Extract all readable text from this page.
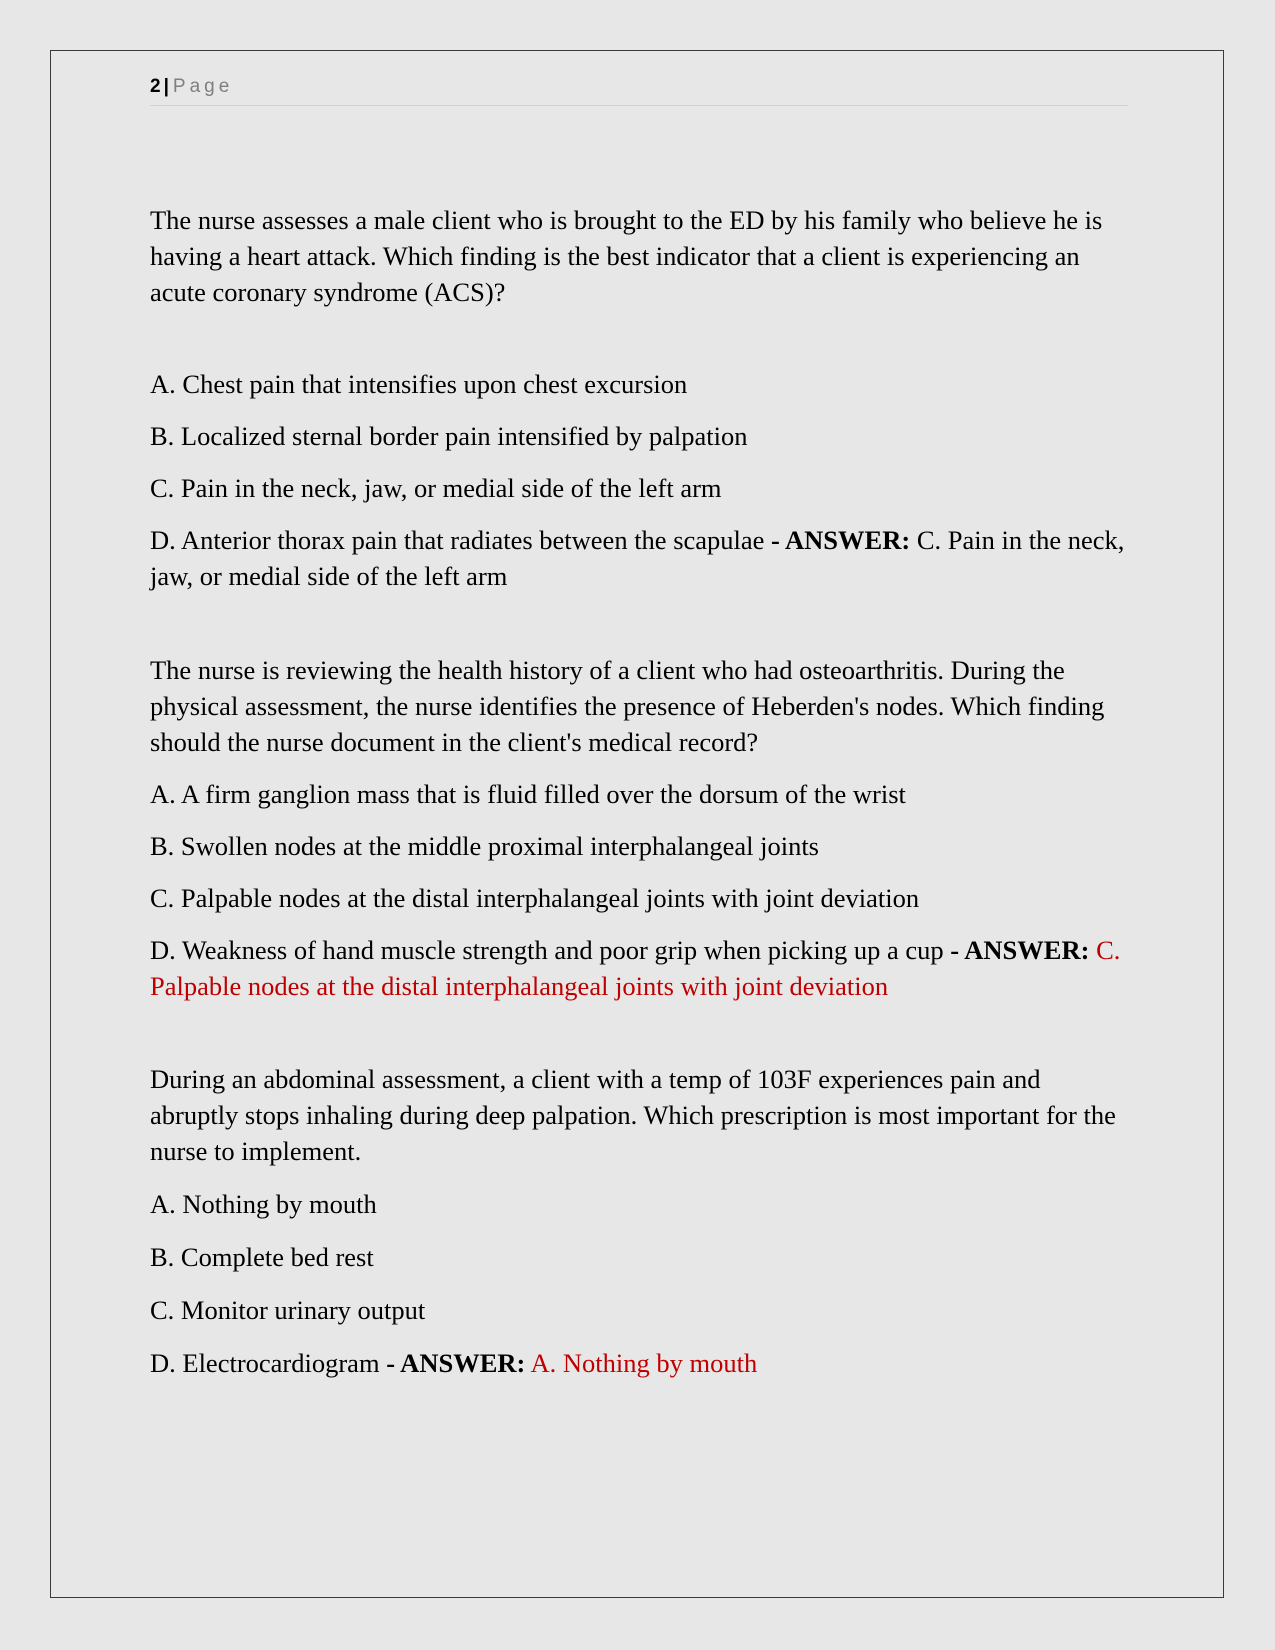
2 | Page

The nurse assesses a male client who is brought to the ED by his family who believe he is having a heart attack. Which finding is the best indicator that a client is experiencing an acute coronary syndrome (ACS)?

A. Chest pain that intensifies upon chest excursion

B. Localized sternal border pain intensified by palpation

C. Pain in the neck, jaw, or medial side of the left arm

D. Anterior thorax pain that radiates between the scapulae - ANSWER: C. Pain in the neck, jaw, or medial side of the left arm

The nurse is reviewing the health history of a client who had osteoarthritis. During the physical assessment, the nurse identifies the presence of Heberden's nodes. Which finding should the nurse document in the client's medical record?

A. A firm ganglion mass that is fluid filled over the dorsum of the wrist

B. Swollen nodes at the middle proximal interphalangeal joints

C. Palpable nodes at the distal interphalangeal joints with joint deviation

D. Weakness of hand muscle strength and poor grip when picking up a cup - ANSWER: C. Palpable nodes at the distal interphalangeal joints with joint deviation

During an abdominal assessment, a client with a temp of 103F experiences pain and abruptly stops inhaling during deep palpation. Which prescription is most important for the nurse to implement.

A. Nothing by mouth

B. Complete bed rest

C. Monitor urinary output

D. Electrocardiogram - ANSWER: A. Nothing by mouth
